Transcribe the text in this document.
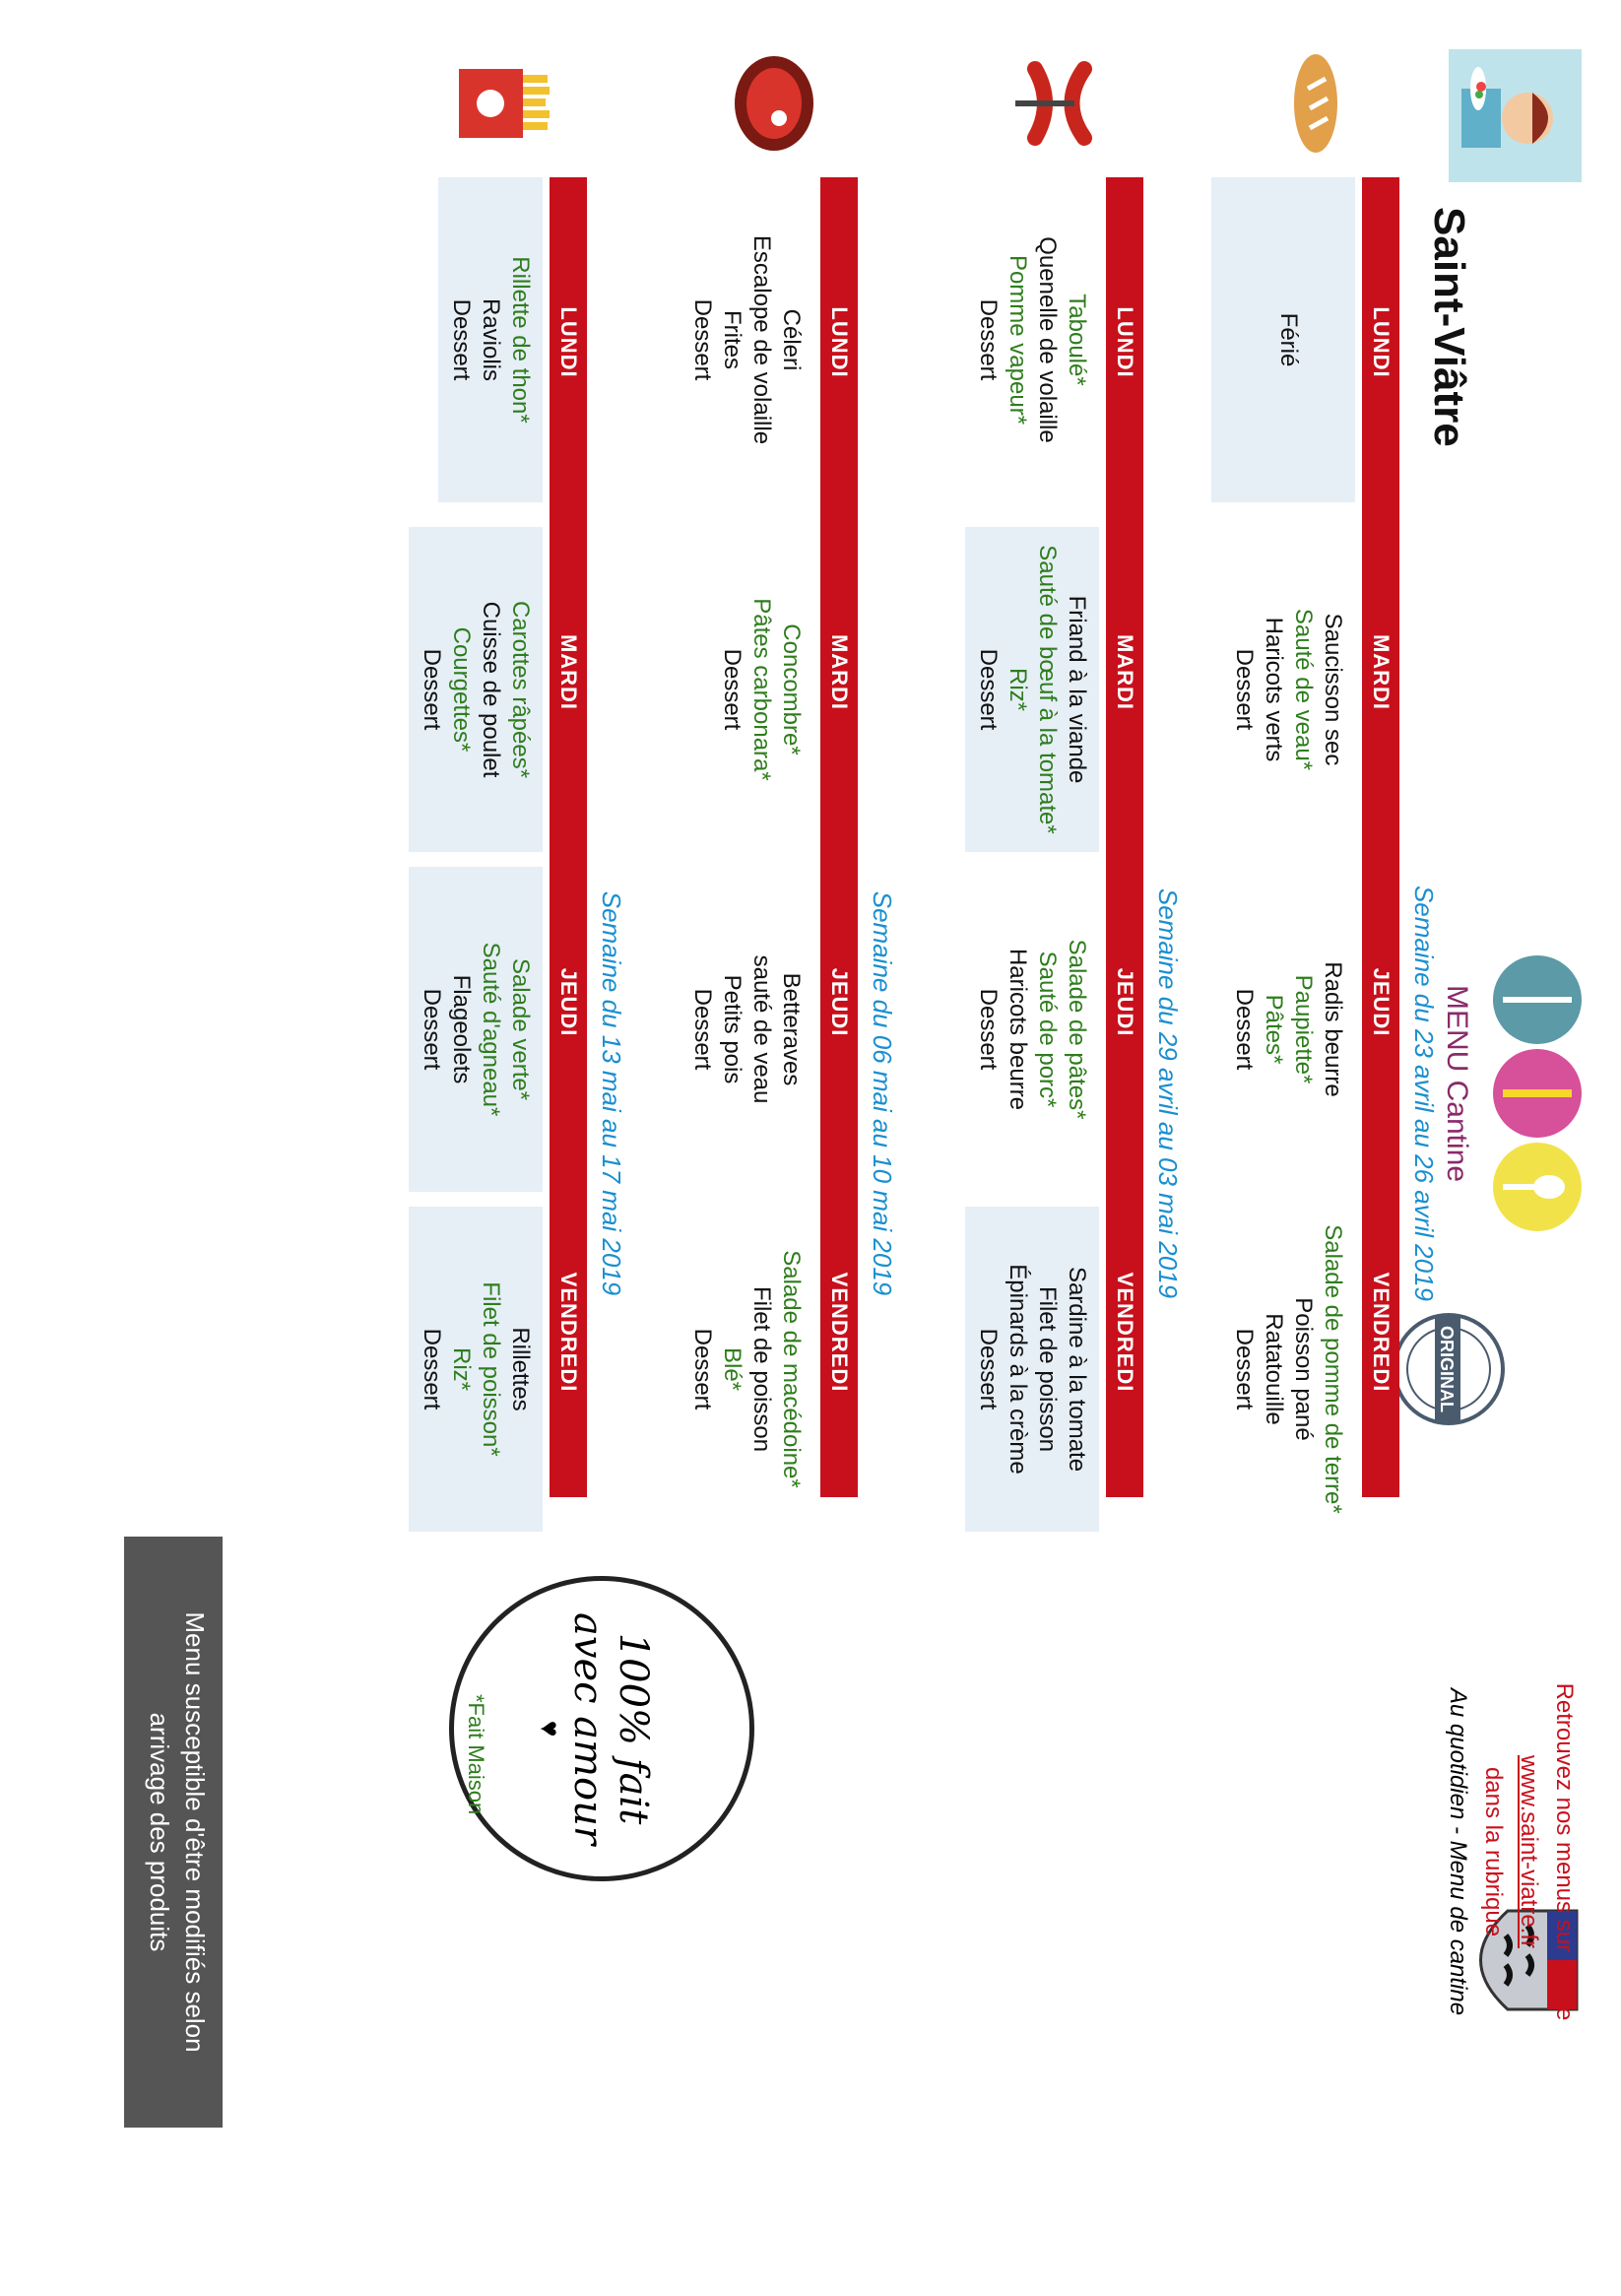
Saint-Viâtre
MENU Cantine
ORIGINAL
Semaine du 23 avril au 26 avril 2019
LUNDI
MARDI
JEUDI
VENDREDI
Férié
Saucisson sec
Sauté de veau*
Haricots verts
Dessert
Radis beurre
Paupiette*
Pâtes*
Dessert
Salade de pomme de terre*
Poisson pané
Ratatouille
Dessert
Semaine du 29 avril au 03 mai 2019
LUNDI
MARDI
JEUDI
VENDREDI
Taboulé*
Quenelle de volaille
Pomme vapeur*
Dessert
Friand à la viande
Sauté de bœuf à la tomate*
Riz*
Dessert
Salade de pâtes*
Sauté de porc*
Haricots beurre
Dessert
Sardine à la tomate
Filet de poisson
Épinards à la crème
Dessert
Semaine du 06 mai au 10 mai 2019
LUNDI
MARDI
JEUDI
VENDREDI
Céleri
Escalope de volaille
Frites
Dessert
Concombre*
Pâtes carbonara*
Dessert
Betteraves
sauté de veau
Petits pois
Dessert
Salade de macédoine*
Filet de poisson
Blé*
Dessert
Semaine du 13 mai au 17 mai 2019
LUNDI
MARDI
JEUDI
VENDREDI
Rillette de thon*
Raviolis
Dessert
Carottes râpées*
Cuisse de poulet
Courgettes*
Dessert
Salade verte*
Sauté d'agneau*
Flageolets
Dessert
Rillettes
Filet de poisson*
Riz*
Dessert
Retrouvez nos menus sur le site
www.saint-viatre.fr
dans la rubrique
Au quotidien - Menu de cantine
100% fait avec amour
♥
*Fait Maison
Menu susceptible d'être modifiés selon
arrivage des produits
